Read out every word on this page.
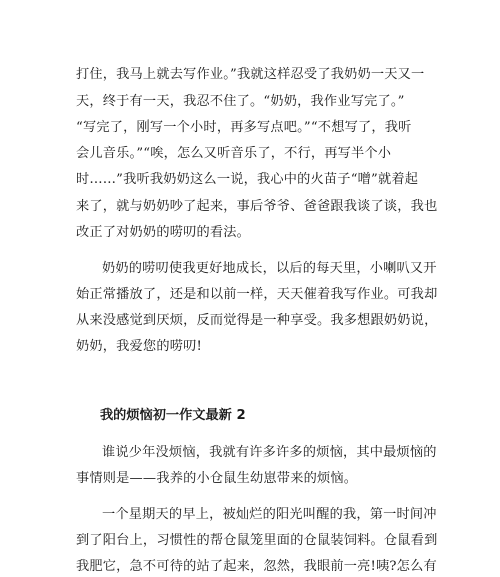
打住，我马上就去写作业。”我就这样忍受了我奶奶一天又一
天，终于有一天，我忍不住了。“奶奶，我作业写完了。”
“写完了，刚写一个小时，再多写点吧。”“不想写了，我听
会儿音乐。”“唉，怎么又听音乐了，不行，再写半个小
时……”我听我奶奶这么一说，我心中的火苗子“噌”就着起
来了，就与奶奶吵了起来，事后爷爷、爸爸跟我谈了谈，我也
改正了对奶奶的唠叨的看法。
奶奶的唠叨使我更好地成长，以后的每天里，小喇叭又开
始正常播放了，还是和以前一样，天天催着我写作业。可我却
从来没感觉到厌烦，反而觉得是一种享受。我多想跟奶奶说，
奶奶，我爱您的唠叨!
我的烦恼初一作文最新 2
谁说少年没烦恼，我就有许多许多的烦恼，其中最烦恼的
事情则是——我养的小仓鼠生幼崽带来的烦恼。
一个星期天的早上，被灿烂的阳光叫醒的我，第一时间冲
到了阳台上，习惯性的帮仓鼠笼里面的仓鼠装饲料。仓鼠看到
我肥它，急不可待的站了起来，忽然，我眼前一亮!咦?怎么有
